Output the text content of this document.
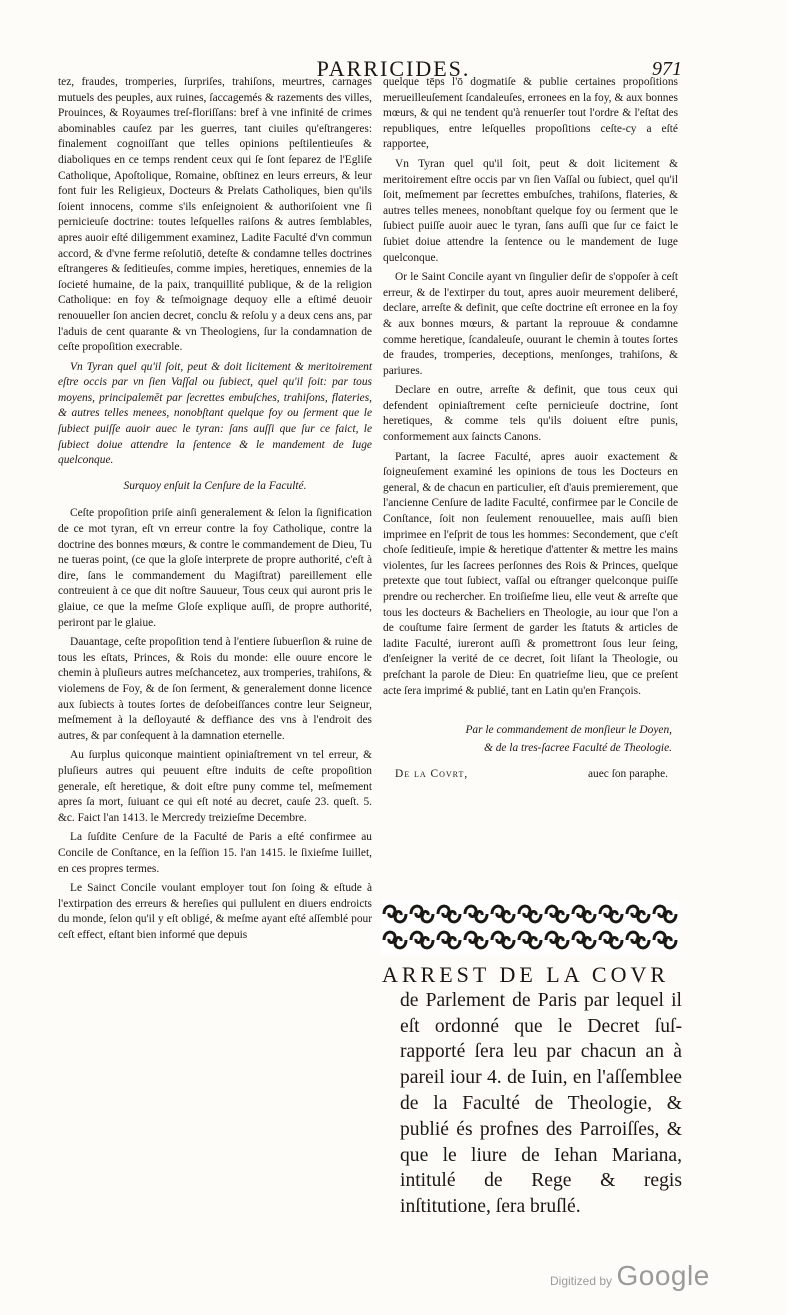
PARRICIDES.	971

tez, fraudes, tromperies, ſurpriſes, trahiſons, meurtres, carnages mutuels des peuples, aux ruines, ſaccagemés & razements des villes, Prouinces, & Royaumes treſ-floriſſans: bref à vne infinité de crimes abominables cauſez par les guerres, tant ciuiles qu'eſtrangeres: finalement cognoiſſant que telles opinions peſtilentieuſes & diaboliques en ce temps rendent ceux qui ſe ſont ſeparez de l'Egliſe Catholique, Apoſtolique, Romaine, obſtinez en leurs erreurs, & leur font fuir les Religieux, Docteurs & Prelats Catholiques, bien qu'ils ſoient innocens, comme s'ils enſeignoient & authoriſoient vne ſi pernicieuſe doctrine: toutes leſquelles raiſons & autres ſemblables, apres auoir eſté diligemment examinez, Ladite Faculté d'vn commun accord, & d'vne ferme reſolutiō, deteſte & condamne telles doctrines eſtrangeres & ſeditieuſes, comme impies, heretiques, ennemies de la ſocieté humaine, de la paix, tranquillité publique, & de la religion Catholique: en foy & teſmoignage dequoy elle a eſtimé deuoir renouueller ſon ancien decret, conclu & reſolu y a deux cens ans, par l'aduis de cent quarante & vn Theologiens, ſur la condamnation de ceſte propoſition execrable.

Vn Tyran quel qu'il ſoit, peut & doit licitement & meritoirement eſtre occis par vn ſien Vaſſal ou ſubiect, quel qu'il ſoit: par tous moyens, principalemēt par ſecrettes embuſches, trahiſons, flateries, & autres telles menees, nonobſtant quelque foy ou ſerment que le ſubiect puiſſe auoir auec le tyran: ſans auſſi que ſur ce faict, le ſubiect doiue attendre la ſentence & le mandement de Iuge quelconque.

Surquoy enſuit la Cenſure de la Faculté.

Ceſte propoſition priſe ainſi generalement & ſelon la ſignification de ce mot tyran, eſt vn erreur contre la foy Catholique, contre la doctrine des bonnes mœurs, & contre le commandement de Dieu, Tu ne tueras point, (ce que la gloſe interprete de propre authorité, c'eſt à dire, ſans le commandement du Magiſtrat) pareillement elle contreuient à ce que dit noſtre Sauueur, Tous ceux qui auront pris le glaiue, ce que la meſme Gloſe explique auſſi, de propre authorité, periront par le glaiue.

Dauantage, ceſte propoſition tend à l'entiere ſubuerſion & ruine de tous les eſtats, Princes, & Rois du monde: elle ouure encore le chemin à pluſieurs autres meſchancetez, aux tromperies, trahiſons, & violemens de Foy, & de ſon ſerment, & generalement donne licence aux ſubiects à toutes ſortes de deſobeiſſances contre leur Seigneur, meſmement à la deſloyauté & deffiance des vns à l'endroit des autres, & par conſequent à la damnation eternelle.

Au ſurplus quiconque maintient opiniaſtrement vn tel erreur, & pluſieurs autres qui peuuent eſtre induits de ceſte propoſition generale, eſt heretique, & doit eſtre puny comme tel, meſmement apres ſa mort, ſuiuant ce qui eſt noté au decret, cauſe 23. queſt. 5. &c. Faict l'an 1413. le Mercredy treizieſme Decembre.

La ſuſdite Cenſure de la Faculté de Paris a eſté confirmee au Concile de Conſtance, en la ſeſſion 15. l'an 1415. le ſixieſme Iuillet, en ces propres termes.

Le Sainct Concile voulant employer tout ſon ſoing & eſtude à l'extirpation des erreurs & hereſies qui pullulent en diuers endroicts du monde, ſelon qu'il y eſt obligé, & meſme ayant eſté aſſemblé pour ceſt effect, eſtant bien informé que depuis

quelque tēps l'ō dogmatiſe & publie certaines propoſitions merueilleuſement ſcandaleuſes, erronees en la foy, & aux bonnes mœurs, & qui ne tendent qu'à renuerſer tout l'ordre & l'eſtat des republiques, entre leſquelles propoſitions ceſte-cy a eſté rapportee,

Vn Tyran quel qu'il ſoit, peut & doit licitement & meritoirement eſtre occis par vn ſien Vaſſal ou ſubiect, quel qu'il ſoit, meſmement par ſecrettes embuſches, trahiſons, flateries, & autres telles menees, nonobſtant quelque foy ou ſerment que le ſubiect puiſſe auoir auec le tyran, ſans auſſi que ſur ce faict le ſubiet doiue attendre la ſentence ou le mandement de Iuge quelconque.

Or le Saint Concile ayant vn ſingulier deſir de s'oppoſer à ceſt erreur, & de l'extirper du tout, apres auoir meurement deliberé, declare, arreſte & definit, que ceſte doctrine eſt erronee en la foy & aux bonnes mœurs, & partant la reprouue & condamne comme heretique, ſcandaleuſe, ouurant le chemin à toutes ſortes de fraudes, tromperies, deceptions, menſonges, trahiſons, & pariures.

Declare en outre, arreſte & definit, que tous ceux qui defendent opiniaſtrement ceſte pernicieuſe doctrine, ſont heretiques, & comme tels qu'ils doiuent eſtre punis, conformement aux ſaincts Canons.

Partant, la ſacree Faculté, apres auoir exactement & ſoigneuſement examiné les opinions de tous les Docteurs en general, & de chacun en particulier, eſt d'auis premierement, que l'ancienne Cenſure de ladite Faculté, confirmee par le Concile de Conſtance, ſoit non ſeulement renouuellee, mais auſſi bien imprimee en l'eſprit de tous les hommes: Secondement, que c'eſt choſe ſeditieuſe, impie & heretique d'attenter & mettre les mains violentes, ſur les ſacrees perſonnes des Rois & Princes, quelque pretexte que tout ſubiect, vaſſal ou eſtranger quelconque puiſſe prendre ou rechercher. En troiſieſme lieu, elle veut & arreſte que tous les docteurs & Bacheliers en Theologie, au iour que l'on a de couſtume faire ſerment de garder les ſtatuts & articles de ladite Faculté, iureront auſſi & promettront ſous leur ſeing, d'enſeigner la verité de ce decret, ſoit liſant la Theologie, ou preſchant la parole de Dieu: En quatrieſme lieu, que ce preſent acte ſera imprimé & publié, tant en Latin qu'en François.

Par le commandement de monſieur le Doyen,
& de la tres-ſacree Faculté de Theologie.
De la Covrt,	auec ſon paraphe.

ARREST DE LA COVR

de Parlement de Paris par lequel il eſt ordonné que le Decret ſuſ-rapporté ſera leu par chacun an à pareil iour 4. de Iuin, en l'aſſemblee de la Faculté de Theologie, & publié és profnes des Parroiſſes, & que le liure de Iehan Mariana, intitulé de Rege & regis inſtitutione, ſera bruſlé.

Digitized by Google
